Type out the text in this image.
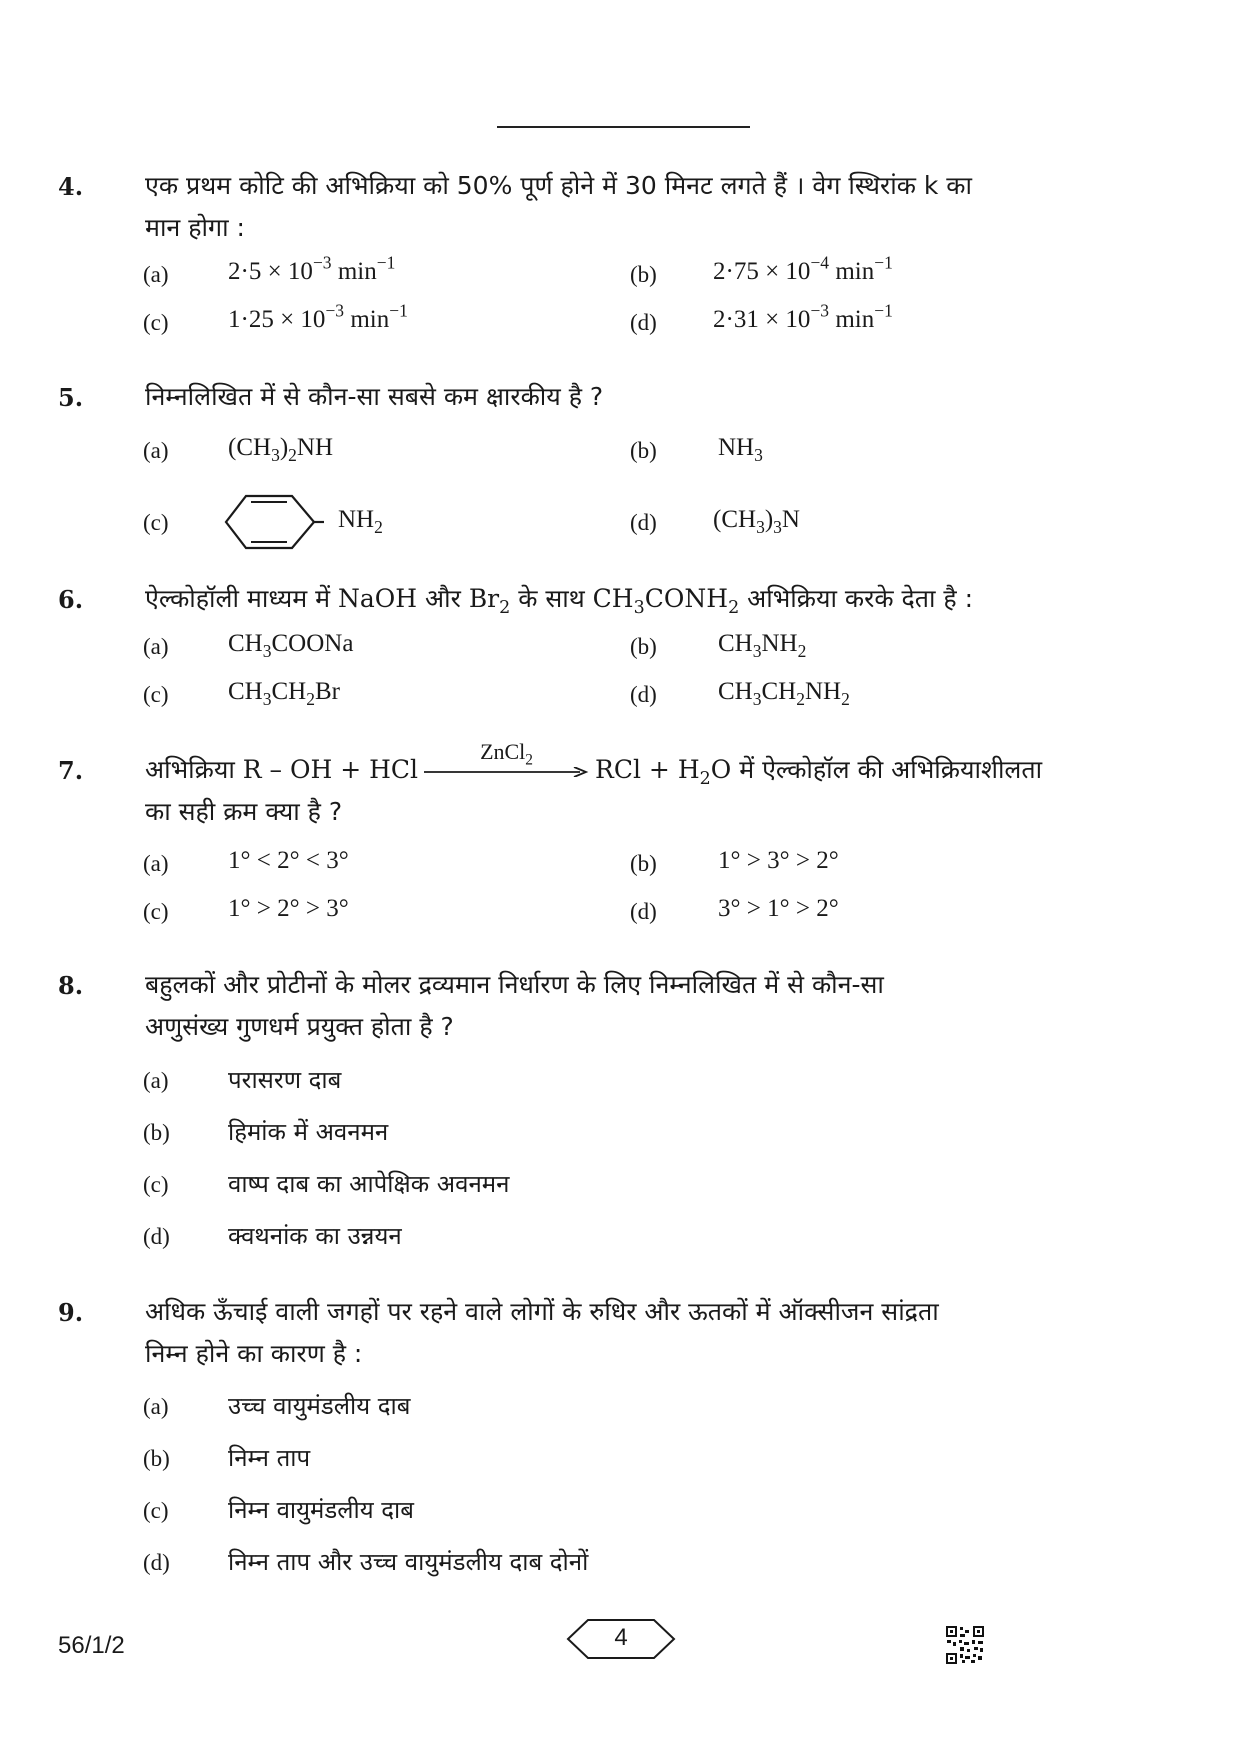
4. एक प्रथम कोटि की अभिक्रिया को 50% पूर्ण होने में 30 मिनट लगते हैं । वेग स्थिरांक k का
मान होगा :
(a) $2\cdot 5 \times 10^{-3}$ $\min^{-1}$	(b) $2\cdot 75 \times 10^{-4}$ $\min^{-1}$
(c) $1\cdot 25 \times 10^{-3}$ $\min^{-1}$	(d) $2\cdot 31 \times 10^{-3}$ $\min^{-1}$
5. निम्नलिखित में से कौन-सा सबसे कम क्षारकीय है ?
(a) $(CH_3)_2NH$	(b) $NH_3$
(c)	$NH_2$	(d) $(CH_3)_3N$
6. ऐल्कोहॉली माध्यम में NaOH और $Br_2$ के साथ $CH_3CONH_2$ अभिक्रिया करके देता है :
(a) $CH_3COONa$	(b) $CH_3NH_2$
(c) $CH_3CH_2Br$	(d) $CH_3CH_2NH_2$
7. अभिक्रिया R – OH + HCl
ZnCl$_2$	RCl + $H_2O$ में ऐल्कोहॉल की अभिक्रियाशीलता
का सही क्रम क्या है ?
(a) 1° < 2° < 3°	(b) 1° > 3° > 2°
(c) 1° > 2° > 3°	(d) 3° > 1° > 2°
8. बहुलकों और प्रोटीनों के मोलर द्रव्यमान निर्धारण के लिए निम्नलिखित में से कौन-सा
अणुसंख्य गुणधर्म प्रयुक्त होता है ?
(a) परासरण दाब
(b) हिमांक में अवनमन
(c) वाष्प दाब का आपेक्षिक अवनमन
(d) क्वथनांक का उन्नयन
9. अधिक ऊँचाई वाली जगहों पर रहने वाले लोगों के रुधिर और ऊतकों में ऑक्सीजन सांद्रता
निम्न होने का कारण है :
(a) उच्च वायुमंडलीय दाब
(b) निम्न ताप
(c) निम्न वायुमंडलीय दाब
(d) निम्न ताप और उच्च वायुमंडलीय दाब दोनों
56/1/2	4
